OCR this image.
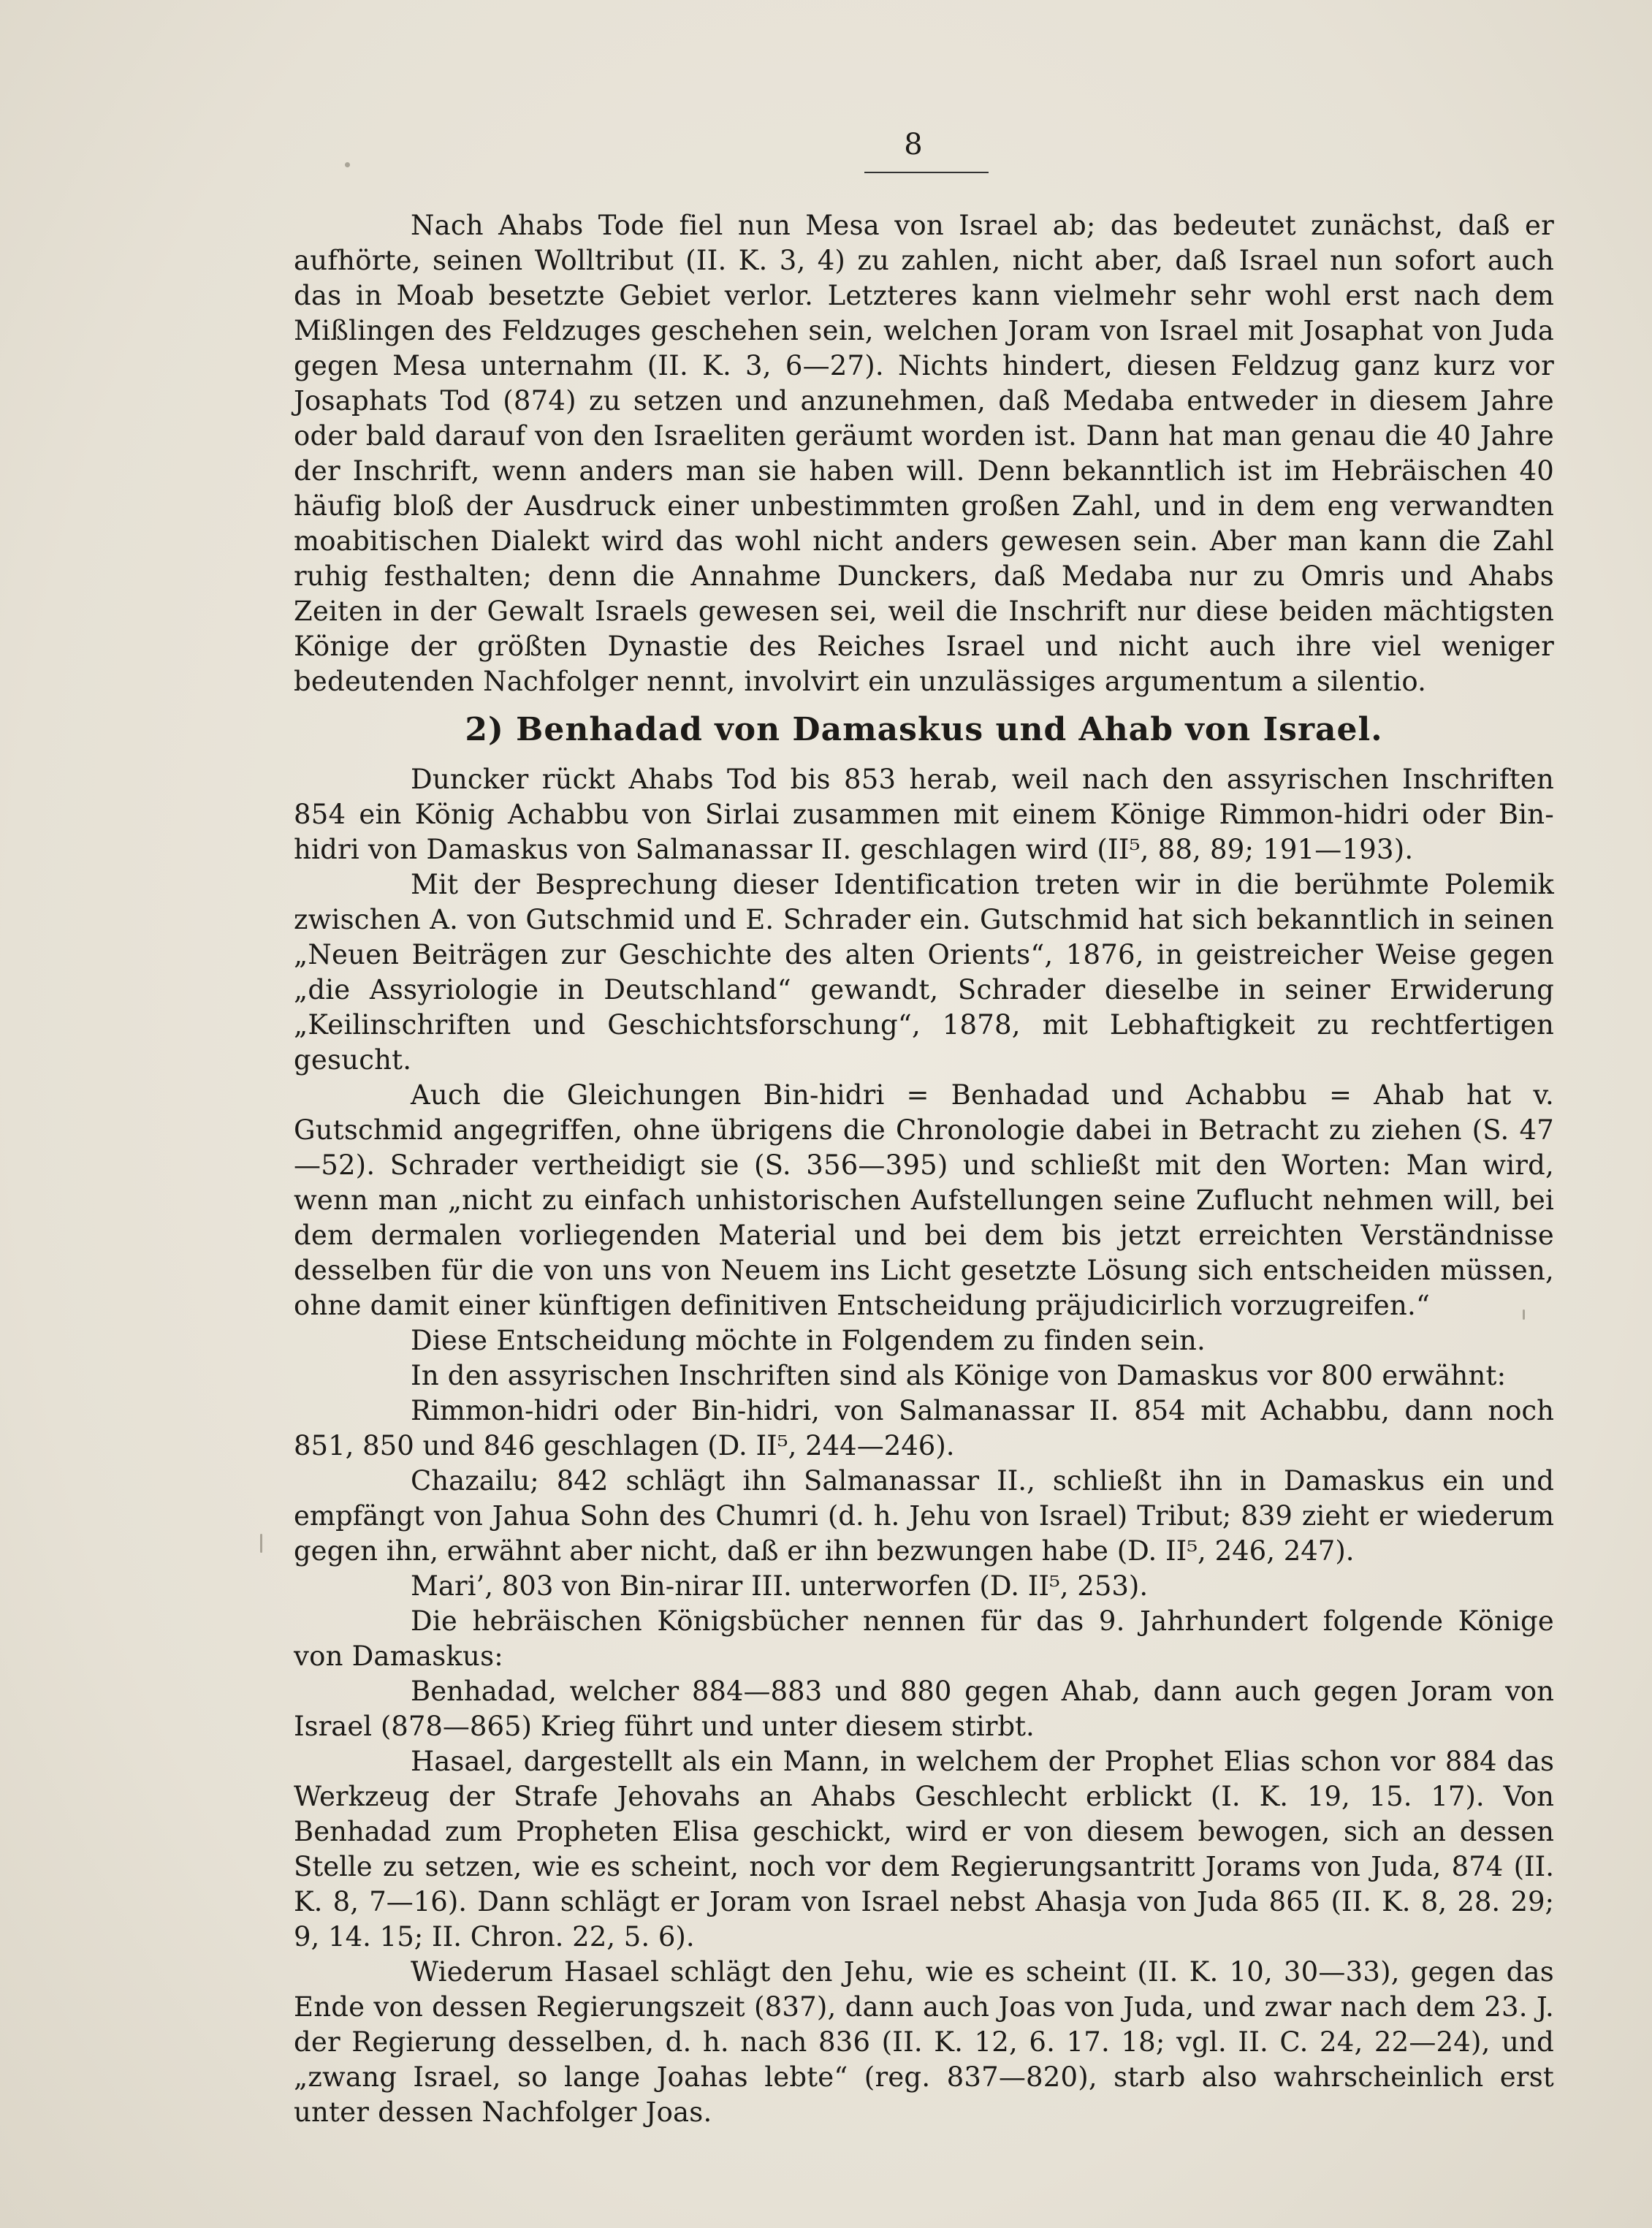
8

Nach Ahabs Tode fiel nun Mesa von Israel ab; das bedeutet zunächst, daß er aufhörte, seinen Wolltribut (II. K. 3, 4) zu zahlen, nicht aber, daß Israel nun sofort auch das in Moab besetzte Gebiet verlor. Letzteres kann vielmehr sehr wohl erst nach dem Mißlingen des Feldzuges geschehen sein, welchen Joram von Israel mit Josaphat von Juda gegen Mesa unternahm (II. K. 3, 6—27). Nichts hindert, diesen Feldzug ganz kurz vor Josaphats Tod (874) zu setzen und anzunehmen, daß Medaba entweder in diesem Jahre oder bald darauf von den Israeliten geräumt worden ist. Dann hat man genau die 40 Jahre der Inschrift, wenn anders man sie haben will. Denn bekanntlich ist im Hebräischen 40 häufig bloß der Ausdruck einer unbestimmten großen Zahl, und in dem eng verwandten moabitischen Dialekt wird das wohl nicht anders gewesen sein. Aber man kann die Zahl ruhig festhalten; denn die Annahme Dunckers, daß Medaba nur zu Omris und Ahabs Zeiten in der Gewalt Israels gewesen sei, weil die Inschrift nur diese beiden mächtigsten Könige der größten Dynastie des Reiches Israel und nicht auch ihre viel weniger bedeutenden Nachfolger nennt, involvirt ein unzulässiges argumentum a silentio.

2) Benhadad von Damaskus und Ahab von Israel.

Duncker rückt Ahabs Tod bis 853 herab, weil nach den assyrischen Inschriften 854 ein König Achabbu von Sirlai zusammen mit einem Könige Rimmon-hidri oder Bin-hidri von Damaskus von Salmanassar II. geschlagen wird (II⁵, 88, 89; 191—193).

Mit der Besprechung dieser Identification treten wir in die berühmte Polemik zwischen A. von Gutschmid und E. Schrader ein. Gutschmid hat sich bekanntlich in seinen „Neuen Beiträgen zur Geschichte des alten Orients“, 1876, in geistreicher Weise gegen „die Assyriologie in Deutschland“ gewandt, Schrader dieselbe in seiner Erwiderung „Keilinschriften und Geschichtsforschung“, 1878, mit Lebhaftigkeit zu rechtfertigen gesucht.

Auch die Gleichungen Bin-hidri = Benhadad und Achabbu = Ahab hat v. Gutschmid angegriffen, ohne übrigens die Chronologie dabei in Betracht zu ziehen (S. 47—52). Schrader vertheidigt sie (S. 356—395) und schließt mit den Worten: Man wird, wenn man „nicht zu einfach unhistorischen Aufstellungen seine Zuflucht nehmen will, bei dem dermalen vorliegenden Material und bei dem bis jetzt erreichten Verständnisse desselben für die von uns von Neuem ins Licht gesetzte Lösung sich entscheiden müssen, ohne damit einer künftigen definitiven Entscheidung präjudicirlich vorzugreifen.“

Diese Entscheidung möchte in Folgendem zu finden sein.

In den assyrischen Inschriften sind als Könige von Damaskus vor 800 erwähnt:

Rimmon-hidri oder Bin-hidri, von Salmanassar II. 854 mit Achabbu, dann noch 851, 850 und 846 geschlagen (D. II⁵, 244—246).

Chazailu; 842 schlägt ihn Salmanassar II., schließt ihn in Damaskus ein und empfängt von Jahua Sohn des Chumri (d. h. Jehu von Israel) Tribut; 839 zieht er wiederum gegen ihn, erwähnt aber nicht, daß er ihn bezwungen habe (D. II⁵, 246, 247).

Mari’, 803 von Bin-nirar III. unterworfen (D. II⁵, 253).

Die hebräischen Königsbücher nennen für das 9. Jahrhundert folgende Könige von Damaskus:

Benhadad, welcher 884—883 und 880 gegen Ahab, dann auch gegen Joram von Israel (878—865) Krieg führt und unter diesem stirbt.

Hasael, dargestellt als ein Mann, in welchem der Prophet Elias schon vor 884 das Werkzeug der Strafe Jehovahs an Ahabs Geschlecht erblickt (I. K. 19, 15. 17). Von Benhadad zum Propheten Elisa geschickt, wird er von diesem bewogen, sich an dessen Stelle zu setzen, wie es scheint, noch vor dem Regierungsantritt Jorams von Juda, 874 (II. K. 8, 7—16). Dann schlägt er Joram von Israel nebst Ahasja von Juda 865 (II. K. 8, 28. 29; 9, 14. 15; II. Chron. 22, 5. 6).

Wiederum Hasael schlägt den Jehu, wie es scheint (II. K. 10, 30—33), gegen das Ende von dessen Regierungszeit (837), dann auch Joas von Juda, und zwar nach dem 23. J. der Regierung desselben, d. h. nach 836 (II. K. 12, 6. 17. 18; vgl. II. C. 24, 22—24), und „zwang Israel, so lange Joahas lebte“ (reg. 837—820), starb also wahrscheinlich erst unter dessen Nachfolger Joas.
